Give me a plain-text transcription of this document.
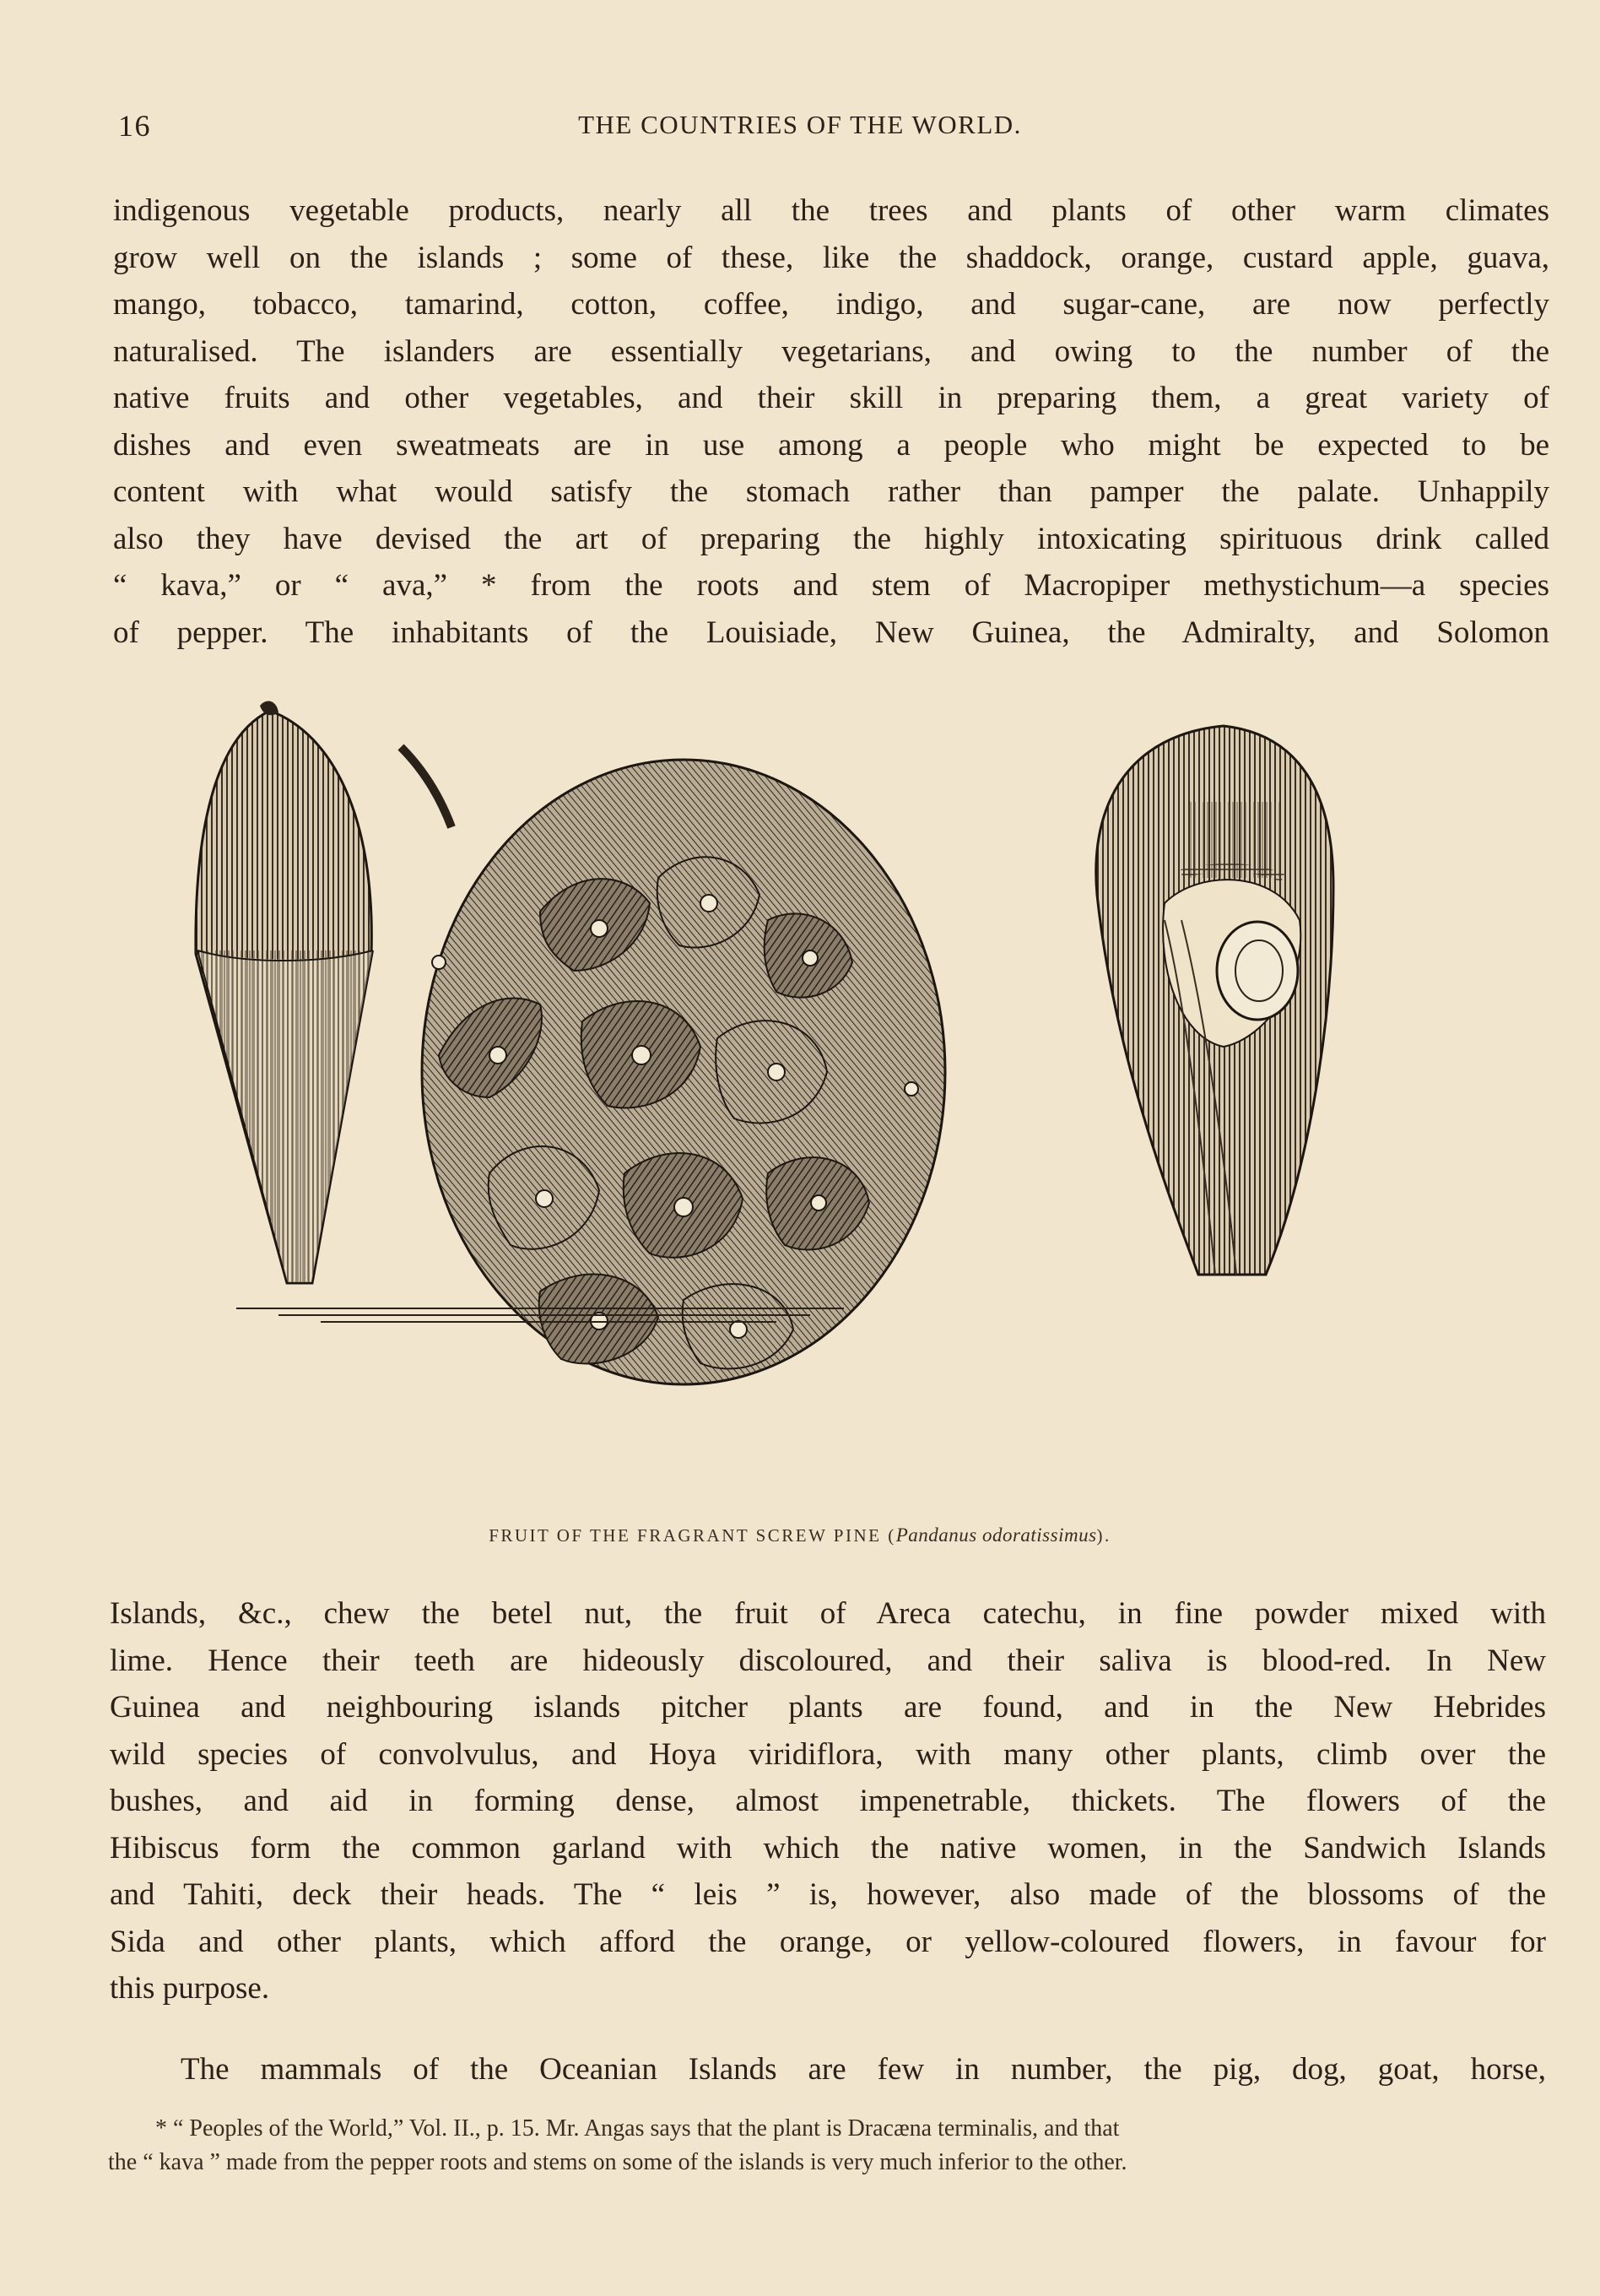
16	THE COUNTRIES OF THE WORLD.

indigenous vegetable products, nearly all the trees and plants of other warm climates
grow well on the islands ; some of these, like the shaddock, orange, custard apple, guava,
mango, tobacco, tamarind, cotton, coffee, indigo, and sugar-cane, are now perfectly
naturalised. The islanders are essentially vegetarians, and owing to the number of the
native fruits and other vegetables, and their skill in preparing them, a great variety of
dishes and even sweatmeats are in use among a people who might be expected to be
content with what would satisfy the stomach rather than pamper the palate. Unhappily
also they have devised the art of preparing the highly intoxicating spirituous drink called
“ kava,” or “ ava,” * from the roots and stem of Macropiper methystichum—a species
of pepper. The inhabitants of the Louisiade, New Guinea, the Admiralty, and Solomon

FRUIT OF THE FRAGRANT SCREW PINE (Pandanus odoratissimus).

Islands, &c., chew the betel nut, the fruit of Areca catechu, in fine powder mixed with
lime. Hence their teeth are hideously discoloured, and their saliva is blood-red. In New
Guinea and neighbouring islands pitcher plants are found, and in the New Hebrides
wild species of convolvulus, and Hoya viridiflora, with many other plants, climb over the
bushes, and aid in forming dense, almost impenetrable, thickets. The flowers of the
Hibiscus form the common garland with which the native women, in the Sandwich Islands
and Tahiti, deck their heads. The “ leis ” is, however, also made of the blossoms of the
Sida and other plants, which afford the orange, or yellow-coloured flowers, in favour for
this purpose.

The mammals of the Oceanian Islands are few in number, the pig, dog, goat, horse,

* “ Peoples of the World,” Vol. II., p. 15. Mr. Angas says that the plant is Dracæna terminalis, and that
the “ kava ” made from the pepper roots and stems on some of the islands is very much inferior to the other.
